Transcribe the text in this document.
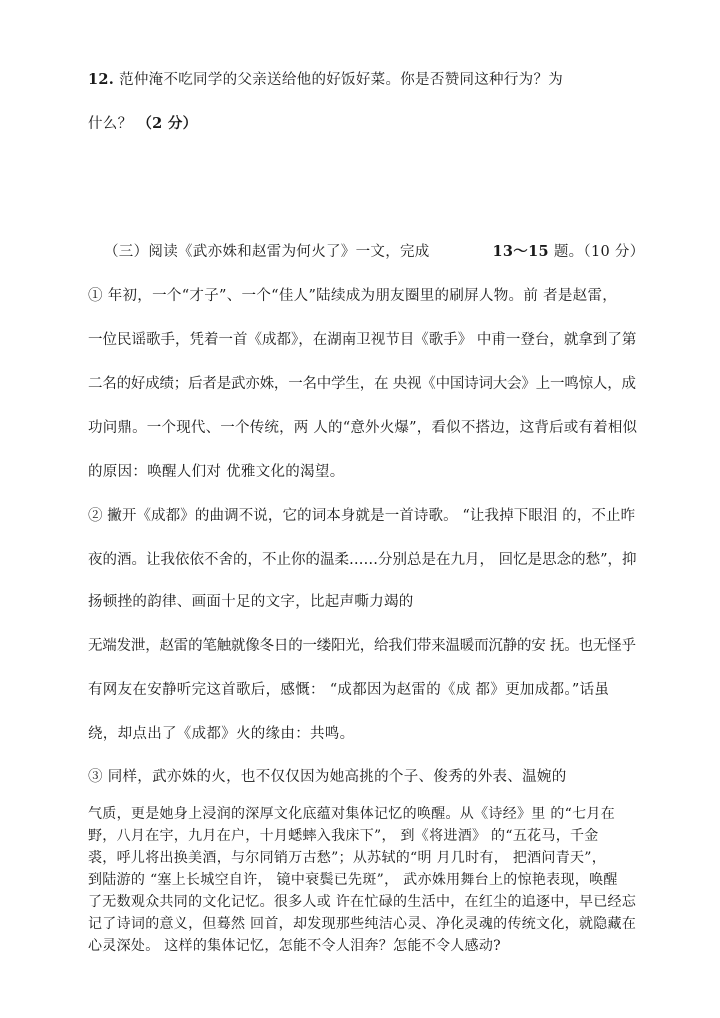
12. 范仲淹不吃同学的父亲送给他的好饭好菜。你是否赞同这种行为？为
什么？ （2 分）
（三）阅读《武亦姝和赵雷为何火了》一文，完成	13～15 题。（10 分）
① 年初，一个“才子”、一个“佳人”陆续成为朋友圈里的刷屏人物。前 者是赵雷，
一位民谣歌手，凭着一首《成都》，在湖南卫视节目《歌手》 中甫一登台，就拿到了第
二名的好成绩；后者是武亦姝，一名中学生，在 央视《中国诗词大会》上一鸣惊人，成
功问鼎。一个现代、一个传统，两 人的“意外火爆”，看似不搭边，这背后或有着相似
的原因：唤醒人们对 优雅文化的渴望。
② 撇开《成都》的曲调不说，它的词本身就是一首诗歌。 “让我掉下眼泪 的，不止昨
夜的酒。让我依依不舍的，不止你的温柔……分别总是在九月， 回忆是思念的愁”，抑
扬顿挫的韵律、画面十足的文字，比起声嘶力竭的
无端发泄，赵雷的笔触就像冬日的一缕阳光，给我们带来温暖而沉静的安 抚。也无怪乎
有网友在安静听完这首歌后，感慨： “成都因为赵雷的《成 都》更加成都。”话虽
绕，却点出了《成都》火的缘由：共鸣。
③ 同样，武亦姝的火，也不仅仅因为她高挑的个子、俊秀的外表、温婉的
气质，更是她身上浸润的深厚文化底蕴对集体记忆的唤醒。从《诗经》里 的“七月在
野，八月在宇，九月在户，十月蟋蟀入我床下”， 到《将进酒》 的“五花马，千金
裘，呼儿将出换美酒，与尔同销万古愁”；从苏轼的“明 月几时有， 把酒问青天”，
到陆游的 “塞上长城空自许， 镜中衰鬓已先斑”， 武亦姝用舞台上的惊艳表现，唤醒
了无数观众共同的文化记忆。很多人或 许在忙碌的生活中，在红尘的追逐中，早已经忘
记了诗词的意义，但蓦然 回首，却发现那些纯洁心灵、净化灵魂的传统文化，就隐藏在
心灵深处。 这样的集体记忆，怎能不令人泪奔？怎能不令人感动?
